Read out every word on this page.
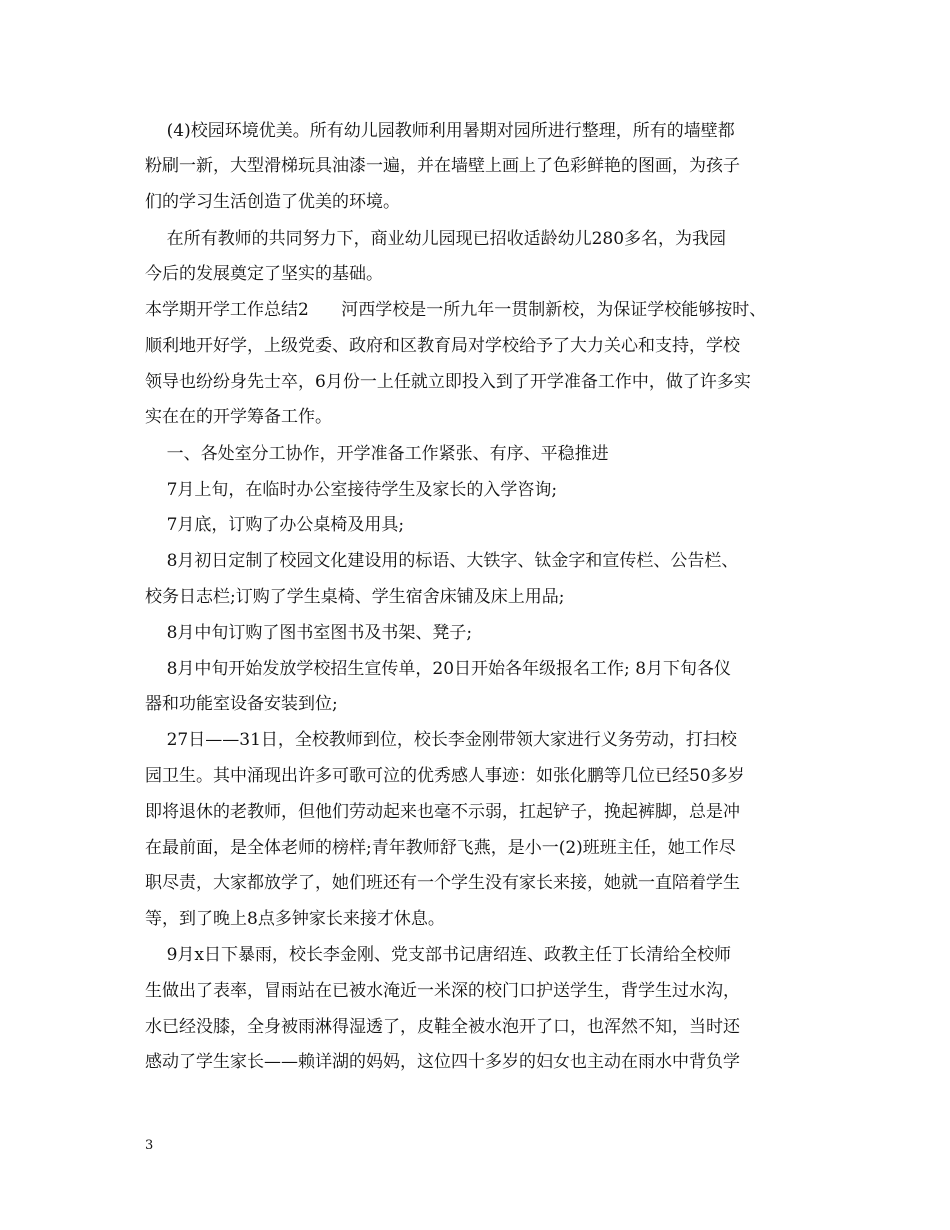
(4)校园环境优美。所有幼儿园教师利用暑期对园所进行整理，所有的墙壁都
粉刷一新，大型滑梯玩具油漆一遍，并在墙壁上画上了色彩鲜艳的图画，为孩子
们的学习生活创造了优美的环境。
在所有教师的共同努力下，商业幼儿园现已招收适龄幼儿280多名，为我园
今后的发展奠定了坚实的基础。
本学期开学工作总结2      河西学校是一所九年一贯制新校，为保证学校能够按时、
顺利地开好学，上级党委、政府和区教育局对学校给予了大力关心和支持，学校
领导也纷纷身先士卒，6月份一上任就立即投入到了开学准备工作中，做了许多实
实在在的开学筹备工作。
一、各处室分工协作，开学准备工作紧张、有序、平稳推进
7月上旬，在临时办公室接待学生及家长的入学咨询;
7月底，订购了办公桌椅及用具;
8月初日定制了校园文化建设用的标语、大铁字、钛金字和宣传栏、公告栏、
校务日志栏;订购了学生桌椅、学生宿舍床铺及床上用品;
8月中旬订购了图书室图书及书架、凳子;
8月中旬开始发放学校招生宣传单，20日开始各年级报名工作; 8月下旬各仪
器和功能室设备安装到位;
27日——31日，全校教师到位，校长李金刚带领大家进行义务劳动，打扫校
园卫生。其中涌现出许多可歌可泣的优秀感人事迹：如张化鹏等几位已经50多岁
即将退休的老教师，但他们劳动起来也毫不示弱，扛起铲子，挽起裤脚，总是冲
在最前面，是全体老师的榜样;青年教师舒飞燕，是小一(2)班班主任，她工作尽
职尽责，大家都放学了，她们班还有一个学生没有家长来接，她就一直陪着学生
等，到了晚上8点多钟家长来接才休息。
9月x日下暴雨，校长李金刚、党支部书记唐绍连、政教主任丁长清给全校师
生做出了表率，冒雨站在已被水淹近一米深的校门口护送学生，背学生过水沟，
水已经没膝，全身被雨淋得湿透了，皮鞋全被水泡开了口，也浑然不知，当时还
感动了学生家长——赖详湖的妈妈，这位四十多岁的妇女也主动在雨水中背负学
3
